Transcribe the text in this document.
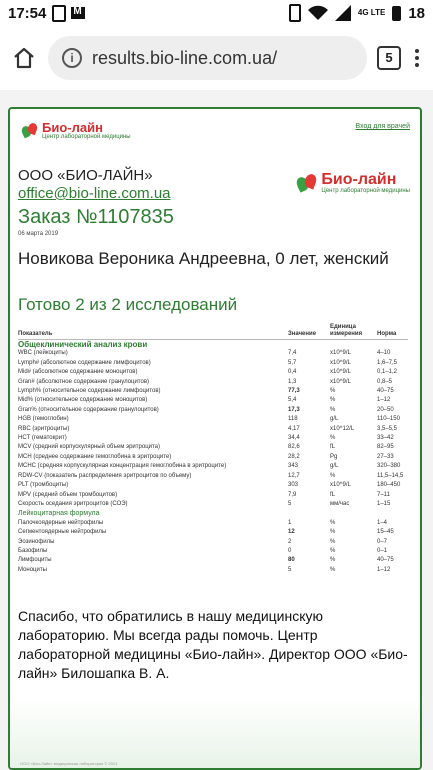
17:54 M	4G LTE 18
i	results.bio-line.com.ua/	5
Био-лайн
Центр лабораторной медицины
Вход для врачей
ООО «БИО-ЛАЙН»
office@bio-line.com.ua
Заказ №1107835
06 марта 2019
Био-лайн
Центр лабораторной медицины
Новикова Вероника Андреевна, 0 лет, женский
Готово 2 из 2 исследований
Показатель	Значение	Единица измерения	Норма
Общеклинический анализ крови			
WBC (лейкоциты)	7,4	x10^9/L	4–10
Lymph# (абсолютное содержание лимфоцитов)	5,7	x10^9/L	1,6–7,5
Mid# (абсолютное содержание моноцитов)	0,4	x10^9/L	0,1–1,2
Gran# (абсолютное содержание гранулоцитов)	1,3	x10^9/L	0,8–5
Lymph% (относительное содержание лимфоцитов)	77,3	%	40–75
Mid% (относительное содержание моноцитов)	5,4	%	1–12
Gran% (относительное содержание гранулоцитов)	17,3	%	20–50
HGB (гемоглобин)	118	g/L	110–150
RBC (эритроциты)	4,17	x10^12/L	3,5–5,5
HCT (гематокрит)	34,4	%	33–42
MCV (средний корпускулярный объем эритроцита)	82,6	fL	82–95
MCH (среднее содержание гемоглобина в эритроците)	28,2	Pg	27–33
MCHC (средняя корпускулярная концентрация гемоглобина в эритроците)	343	g/L	320–380
RDW-CV (показатель распределения эритроцитов по объему)	12,7	%	11,5–14,5
PLT (тромбоциты)	303	x10^9/L	180–450
MPV (средний объем тромбоцитов)	7,9	fL	7–11
Скорость оседания эритроцитов (СОЭ)	5	мм/час	1–15
Лейкоцитарная формула			
Палочкоядерные нейтрофилы	1	%	1–4
Сегментоядерные нейтрофилы	12	%	15–45
Эозинофилы	2	%	0–7
Базофилы	0	%	0–1
Лимфоциты	80	%	40–75
Моноциты	5	%	1–12
Спасибо, что обратились в нашу медицинскую лабораторию. Мы всегда рады помочь. Центр лабораторной медицины «Био-лайн». Директор ООО «Био-лайн» Билошапка В. А.
ООО «Био-Лайн» медицинская лаборатория © 2013
